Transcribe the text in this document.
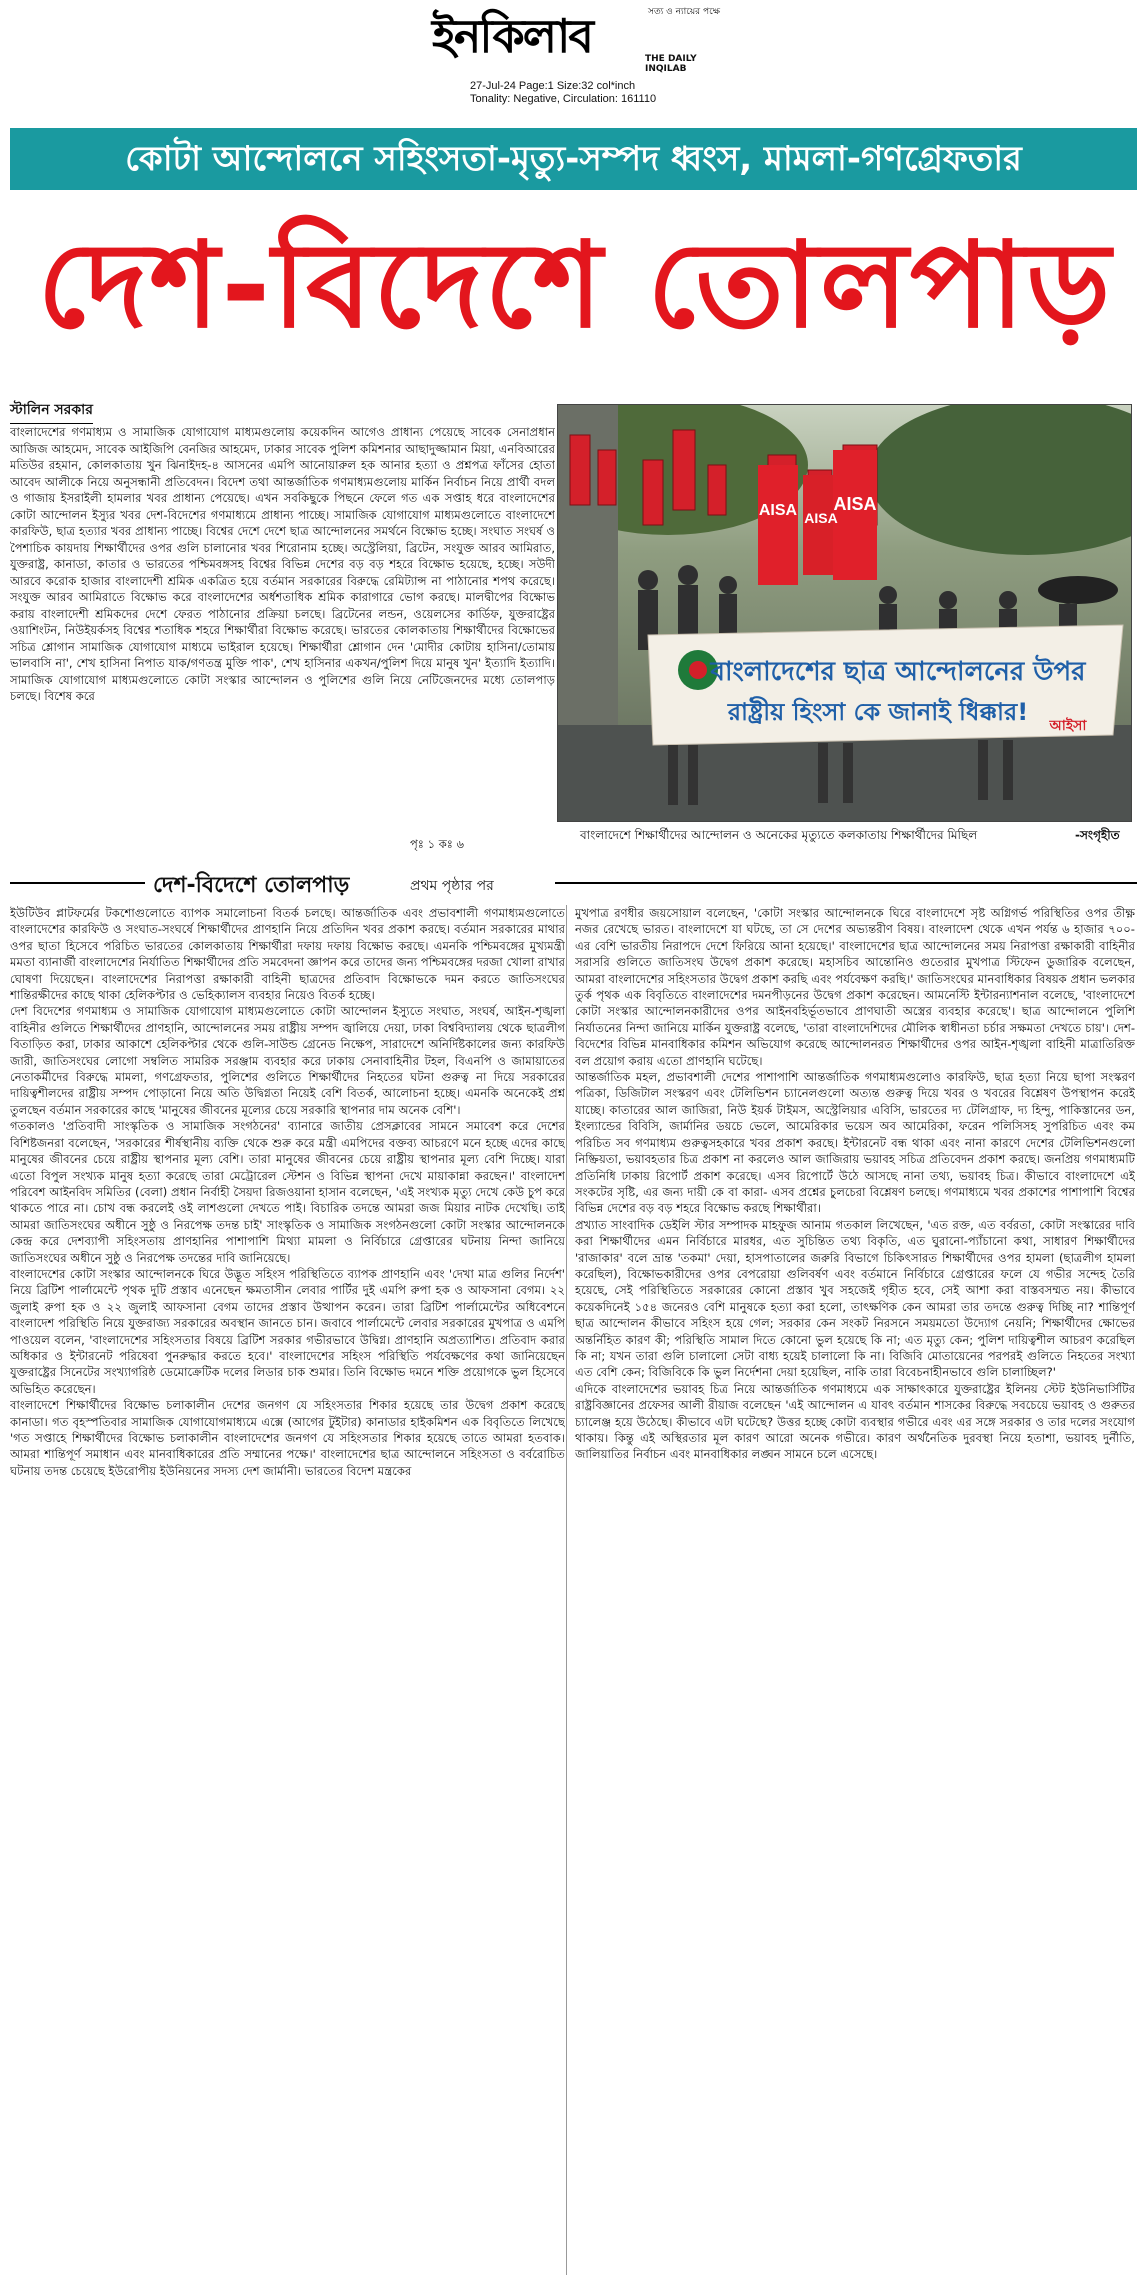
ইনকিলাব	সত্য ও ন্যায়ের পক্ষে
THE DAILY INQILAB
27-Jul-24 Page:1 Size:32 col*inch
Tonality: Negative, Circulation: 161110
কোটা আন্দোলনে সহিংসতা-মৃত্যু-সম্পদ ধ্বংস, মামলা-গণগ্রেফতার
দেশ-বিদেশে তোলপাড়
স্টালিন সরকার
বাংলাদেশের গণমাধ্যম ও সামাজিক যোগাযোগ মাধ্যমগুলোয় কয়েকদিন আগেও প্রাধান্য পেয়েছে সাবেক সেনাপ্রধান আজিজ আহমেদ, সাবেক আইজিপি বেনজির আহমেদ, ঢাকার সাবেক পুলিশ কমিশনার আছাদুজ্জামান মিয়া, এনবিআরের মতিউর রহমান, কোলকাতায় খুন ঝিনাইদহ-৪ আসনের এমপি আনোয়ারুল হক আনার হত্যা ও প্রশ্নপত্র ফাঁসের হোতা আবেদ আলীকে নিয়ে অনুসন্ধানী প্রতিবেদন। বিদেশ তথা আন্তর্জাতিক গণমাধ্যমগুলোয় মার্কিন নির্বাচন নিয়ে প্রার্থী বদল ও গাজায় ইসরাইলী হামলার খবর প্রাধান্য পেয়েছে। এখন সবকিছুকে পিছনে ফেলে গত এক সপ্তাহ ধরে বাংলাদেশের কোটা আন্দোলন ইস্যুর খবর দেশ-বিদেশের গণমাধ্যমে প্রাধান্য পাচ্ছে। সামাজিক যোগাযোগ মাধ্যমগুলোতে বাংলাদেশে কারফিউ, ছাত্র হত্যার খবর প্রাধান্য পাচ্ছে। বিশ্বের দেশে দেশে ছাত্র আন্দোলনের সমর্থনে বিক্ষোভ হচ্ছে। সংঘাত সংঘর্ষ ও পৈশাচিক কায়দায় শিক্ষার্থীদের ওপর গুলি চালানোর খবর শিরোনাম হচ্ছে। অস্ট্রেলিয়া, ব্রিটেন, সংযুক্ত আরব আমিরাত, যুক্তরাষ্ট্র, কানাডা, কাতার ও ভারতের পশ্চিমবঙ্গসহ বিশ্বের বিভিন্ন দেশের বড় বড় শহরে বিক্ষোভ হয়েছে, হচ্ছে। সউদী আরবে করোক হাজার বাংলাদেশী শ্রমিক একত্রিত হয়ে বর্তমান সরকারের বিরুদ্ধে রেমিট্যান্স না পাঠানোর শপথ করেছে। সংযুক্ত আরব আমিরাতে বিক্ষোভ করে বাংলাদেশের অর্ধশতাধিক শ্রমিক কারাগারে ভোগ করছে। মালদ্বীপের বিক্ষোভ করায় বাংলাদেশী শ্রমিকদের দেশে ফেরত পাঠানোর প্রক্রিয়া চলছে। ব্রিটেনের লন্ডন, ওয়েলসের কার্ডিফ, যুক্তরাষ্ট্রের ওয়াশিংটন, নিউইয়র্কসহ বিশ্বের শতাধিক শহরে শিক্ষার্থীরা বিক্ষোভ করেছে। ভারতের কোলকাতায় শিক্ষার্থীদের বিক্ষোভের সচিত্র শ্লোগান সামাজিক যোগাযোগ মাধ্যমে ভাইরাল হয়েছে। শিক্ষার্থীরা শ্লোগান দেন 'মোদীর কোটায় হাসিনা/তোমায় ভালবাসি না', শেখ হাসিনা নিপাত যাক/গণতন্ত্র মুক্তি পাক', শেখ হাসিনার একখন/পুলিশ দিয়ে মানুষ খুন' ইত্যাদি ইত্যাদি। সামাজিক যোগাযোগ মাধ্যমগুলোতে কোটা সংস্কার আন্দোলন ও পুলিশের গুলি নিয়ে নেটিজেনদের মধ্যে তোলপাড় চলছে। বিশেষ করে
পৃঃ ১ কঃ ৬
AISA AISA
AISA
বাংলাদেশের ছাত্র আন্দোলনের উপর
রাষ্ট্রীয় হিংসা কে জানাই ধিক্কার! আইসা
বাংলাদেশে শিক্ষার্থীদের আন্দোলন ও অনেকের মৃত্যুতে কলকাতায় শিক্ষার্থীদের মিছিল	-সংগৃহীত
দেশ-বিদেশে তোলপাড়	প্রথম পৃষ্ঠার পর

ইউটিউব প্লাটফর্মের টকশোগুলোতে ব্যাপক সমালোচনা বিতর্ক চলছে। আন্তর্জাতিক এবং প্রভাবশালী গণমাধ্যমগুলোতে বাংলাদেশের কারফিউ ও সংঘাত-সংঘর্ষে শিক্ষার্থীদের প্রাণহানি নিয়ে প্রতিদিন খবর প্রকাশ করছে। বর্তমান সরকারের মাথার ওপর ছাতা হিসেবে পরিচিত ভারতের কোলকাতায় শিক্ষার্থীরা দফায় দফায় বিক্ষোভ করছে। এমনকি পশ্চিমবঙ্গের মুখ্যমন্ত্রী মমতা ব্যানার্জী বাংলাদেশের নির্যাতিত শিক্ষার্থীদের প্রতি সমবেদনা জ্ঞাপন করে তাদের জন্য পশ্চিমবঙ্গের দরজা খোলা রাখার ঘোষণা দিয়েছেন। বাংলাদেশের নিরাপত্তা রক্ষাকারী বাহিনী ছাত্রদের প্রতিবাদ বিক্ষোভকে দমন করতে জাতিসংঘের শান্তিরক্ষীদের কাছে থাকা হেলিকপ্টার ও ভেহিক্যালস ব্যবহার নিয়েও বিতর্ক হচ্ছে।

দেশ বিদেশের গণমাধ্যম ও সামাজিক যোগাযোগ মাধ্যমগুলোতে কোটা আন্দোলন ইস্যুতে সংঘাত, সংঘর্ষ, আইন-শৃঙ্খলা বাহিনীর গুলিতে শিক্ষার্থীদের প্রাণহানি, আন্দোলনের সময় রাষ্ট্রীয় সম্পদ জ্বালিয়ে দেয়া, ঢাকা বিশ্ববিদ্যালয় থেকে ছাত্রলীগ বিতাড়িত করা, ঢাকার আকাশে হেলিকপ্টার থেকে গুলি-সাউন্ড গ্রেনেড নিক্ষেপ, সারাদেশে অনির্দিষ্টকালের জন্য কারফিউ জারী, জাতিসংঘের লোগো সম্বলিত সামরিক সরঞ্জাম ব্যবহার করে ঢাকায় সেনাবাহিনীর টহল, বিএনপি ও জামায়াতের নেতাকর্মীদের বিরুদ্ধে মামলা, গণগ্রেফতার, পুলিশের গুলিতে শিক্ষার্থীদের নিহতের ঘটনা গুরুত্ব না দিয়ে সরকারের দায়িত্বশীলদের রাষ্ট্রীয় সম্পদ পোড়ানো নিয়ে অতি উদ্বিগ্নতা নিয়েই বেশি বিতর্ক, আলোচনা হচ্ছে। এমনকি অনেকেই প্রশ্ন তুলছেন বর্তমান সরকারের কাছে 'মানুষের জীবনের মূল্যের চেয়ে সরকারি স্থাপনার দাম অনেক বেশি'।

গতকালও 'প্রতিবাদী সাংস্কৃতিক ও সামাজিক সংগঠনের' ব্যানারে জাতীয় প্রেসক্লাবের সামনে সমাবেশ করে দেশের বিশিষ্টজনরা বলেছেন, 'সরকারের শীর্ষস্থানীয় ব্যক্তি থেকে শুরু করে মন্ত্রী এমপিদের বক্তব্য আচরণে মনে হচ্ছে এদের কাছে মানুষের জীবনের চেয়ে রাষ্ট্রীয় স্থাপনার মূল্য বেশি। তারা মানুষের জীবনের চেয়ে রাষ্ট্রীয় স্থাপনার মূল্য বেশি দিচ্ছে। যারা এতো বিপুল সংখ্যক মানুষ হত্যা করেছে তারা মেট্রোরেল স্টেশন ও বিভিন্ন স্থাপনা দেখে মায়াকান্না করছেন।' বাংলাদেশ পরিবেশ আইনবিদ সমিতির (বেলা) প্রধান নির্বাহী সৈয়দা রিজওয়ানা হাসান বলেছেন, 'এই সংখ্যক মৃত্যু দেখে কেউ চুপ করে থাকতে পারে না। চোখ বন্ধ করলেই ওই লাশগুলো দেখতে পাই। বিচারিক তদন্তে আমরা জজ মিয়ার নাটক দেখেছি। তাই আমরা জাতিসংঘের অধীনে সুষ্ঠু ও নিরপেক্ষ তদন্ত চাই' সাংস্কৃতিক ও সামাজিক সংগঠনগুলো কোটা সংস্কার আন্দোলনকে কেন্দ্র করে দেশব্যাপী সহিংসতায় প্রাণহানির পাশাপাশি মিথ্যা মামলা ও নির্বিচারে গ্রেপ্তারের ঘটনায় নিন্দা জানিয়ে জাতিসংঘের অধীনে সুষ্ঠু ও নিরপেক্ষ তদন্তের দাবি জানিয়েছে।

বাংলাদেশের কোটা সংস্কার আন্দোলনকে ঘিরে উদ্ভূত সহিংস পরিস্থিতিতে ব্যাপক প্রাণহানি এবং 'দেখা মাত্র গুলির নির্দেশ' নিয়ে ব্রিটিশ পার্লামেন্টে পৃথক দুটি প্রস্তাব এনেছেন ক্ষমতাসীন লেবার পার্টির দুই এমপি রুপা হক ও আফসানা বেগম। ২২ জুলাই রুপা হক ও ২২ জুলাই আফসানা বেগম তাদের প্রস্তাব উত্থাপন করেন। তারা ব্রিটিশ পার্লামেন্টের অধিবেশনে বাংলাদেশ পরিস্থিতি নিয়ে যুক্তরাজ্য সরকারের অবস্থান জানতে চান। জবাবে পার্লামেন্টে লেবার সরকারের মুখপাত্র ও এমপি পাওয়েল বলেন, 'বাংলাদেশের সহিংসতার বিষয়ে ব্রিটিশ সরকার গভীরভাবে উদ্বিগ্ন। প্রাণহানি অপ্রত্যাশিত। প্রতিবাদ করার অধিকার ও ইন্টারনেট পরিষেবা পুনরুদ্ধার করতে হবে।' বাংলাদেশের সহিংস পরিস্থিতি পর্যবেক্ষণের কথা জানিয়েছেন যুক্তরাষ্ট্রের সিনেটের সংখ্যাগরিষ্ঠ ডেমোক্রেটিক দলের লিডার চাক শুমার। তিনি বিক্ষোভ দমনে শক্তি প্রয়োগকে ভুল হিসেবে অভিহিত করেছেন।

বাংলাদেশে শিক্ষার্থীদের বিক্ষোভ চলাকালীন দেশের জনগণ যে সহিংসতার শিকার হয়েছে তার উদ্বেগ প্রকাশ করেছে কানাডা। গত বৃহস্পতিবার সামাজিক যোগাযোগমাধ্যমে এক্সে (আগের টুইটার) কানাডার হাইকমিশন এক বিবৃতিতে লিখেছে 'গত সপ্তাহে শিক্ষার্থীদের বিক্ষোভ চলাকালীন বাংলাদেশের জনগণ যে সহিংসতার শিকার হয়েছে তাতে আমরা হতবাক। আমরা শান্তিপূর্ণ সমাধান এবং মানবাধিকারের প্রতি সম্মানের পক্ষে।' বাংলাদেশের ছাত্র আন্দোলনে সহিংসতা ও বর্বরোচিত ঘটনায় তদন্ত চেয়েছে ইউরোপীয় ইউনিয়নের সদস্য দেশ জার্মানী। ভারতের বিদেশ মন্ত্রকের

মুখপাত্র রণধীর জয়সোয়াল বলেছেন, 'কোটা সংস্কার আন্দোলনকে ঘিরে বাংলাদেশে সৃষ্ট অগ্নিগর্ভ পরিস্থিতির ওপর তীক্ষ্ণ নজর রেখেছে ভারত। বাংলাদেশে যা ঘটছে, তা সে দেশের অভ্যন্তরীণ বিষয়। বাংলাদেশ থেকে এখন পর্যন্ত ৬ হাজার ৭০০-এর বেশি ভারতীয় নিরাপদে দেশে ফিরিয়ে আনা হয়েছে।' বাংলাদেশের ছাত্র আন্দোলনের সময় নিরাপত্তা রক্ষাকারী বাহিনীর সরাসরি গুলিতে জাতিসংঘ উদ্বেগ প্রকাশ করেছে। মহাসচিব আন্তোনিও গুতেরার মুখপাত্র স্টিফেন ডুজারিক বলেছেন, আমরা বাংলাদেশের সহিংসতার উদ্বেগ প্রকাশ করছি এবং পর্যবেক্ষণ করছি।' জাতিসংঘের মানবাধিকার বিষয়ক প্রধান ভলকার তুর্ক পৃথক এক বিবৃতিতে বাংলাদেশের দমনপীড়নের উদ্বেগ প্রকাশ করেছেন। আমনেস্টি ইন্টারন্যাশনাল বলেছে, 'বাংলাদেশে কোটা সংস্কার আন্দোলনকারীদের ওপর আইনবহির্ভূতভাবে প্রাণঘাতী অস্ত্রের ব্যবহার করেছে'। ছাত্র আন্দোলনে পুলিশি নির্যাতনের নিন্দা জানিয়ে মার্কিন যুক্তরাষ্ট্র বলেছে, 'তারা বাংলাদেশিদের মৌলিক স্বাধীনতা চর্চার সক্ষমতা দেখতে চায়'। দেশ-বিদেশের বিভিন্ন মানবাধিকার কমিশন অভিযোগ করেছে আন্দোলনরত শিক্ষার্থীদের ওপর আইন-শৃঙ্খলা বাহিনী মাত্রাতিরিক্ত বল প্রয়োগ করায় এতো প্রাণহানি ঘটেছে।

আন্তর্জাতিক মহল, প্রভাবশালী দেশের পাশাপাশি আন্তর্জাতিক গণমাধ্যমগুলোও কারফিউ, ছাত্র হত্যা নিয়ে ছাপা সংস্করণ পত্রিকা, ডিজিটাল সংস্করণ এবং টেলিভিশন চ্যানেলগুলো অত্যন্ত গুরুত্ব দিয়ে খবর ও খবরের বিশ্লেষণ উপস্থাপন করেই যাচ্ছে। কাতারের আল জাজিরা, নিউ ইয়র্ক টাইমস, অস্ট্রেলিয়ার এবিসি, ভারতের দ্য টেলিগ্রাফ, দ্য হিন্দু, পাকিস্তানের ডন, ইংল্যান্ডের বিবিসি, জার্মানির ডয়চে ভেলে, আমেরিকার ভয়েস অব আমেরিকা, ফরেন পলিসিসহ সুপরিচিত এবং কম পরিচিত সব গণমাধ্যম গুরুত্বসহকারে খবর প্রকাশ করছে। ইন্টারনেট বন্ধ থাকা এবং নানা কারণে দেশের টেলিভিশনগুলো নিষ্ক্রিয়তা, ভয়াবহতার চিত্র প্রকাশ না করলেও আল জাজিরায় ভয়াবহ সচিত্র প্রতিবেদন প্রকাশ করছে। জনপ্রিয় গণমাধ্যমটি প্রতিনিধি ঢাকায় রিপোর্ট প্রকাশ করেছে। এসব রিপোর্টে উঠে আসছে নানা তথ্য, ভয়াবহ চিত্র। কীভাবে বাংলাদেশে এই সংকটের সৃষ্টি, এর জন্য দায়ী কে বা কারা- এসব প্রশ্নের চুলচেরা বিশ্লেষণ চলছে। গণমাধ্যমে খবর প্রকাশের পাশাপাশি বিশ্বের বিভিন্ন দেশের বড় বড় শহরে বিক্ষোভ করছে শিক্ষার্থীরা।

প্রখ্যাত সাংবাদিক ডেইলি স্টার সম্পাদক মাহফুজ আনাম গতকাল লিখেছেন, 'এত রক্ত, এত বর্বরতা, কোটা সংস্কারের দাবি করা শিক্ষার্থীদের এমন নির্বিচারে মারধর, এত সুচিন্তিত তথ্য বিকৃতি, এত ঘুরানো-প্যাঁচানো কথা, সাধারণ শিক্ষার্থীদের 'রাজাকার' বলে ভ্রান্ত 'তকমা' দেয়া, হাসপাতালের জরুরি বিভাগে চিকিৎসারত শিক্ষার্থীদের ওপর হামলা (ছাত্রলীগ হামলা করেছিল), বিক্ষোভকারীদের ওপর বেপরোয়া গুলিবর্ষণ এবং বর্তমানে নির্বিচারে গ্রেপ্তারের ফলে যে গভীর সন্দেহ তৈরি হয়েছে, সেই পরিস্থিতিতে সরকারের কোনো প্রস্তাব খুব সহজেই গৃহীত হবে, সেই আশা করা বাস্তবসম্মত নয়। কীভাবে কয়েকদিনেই ১৫৪ জনেরও বেশি মানুষকে হত্যা করা হলো, তাৎক্ষণিক কেন আমরা তার তদন্তে গুরুত্ব দিচ্ছি না? শান্তিপূর্ণ ছাত্র আন্দোলন কীভাবে সহিংস হয়ে গেল; সরকার কেন সংকট নিরসনে সময়মতো উদ্যোগ নেয়নি; শিক্ষার্থীদের ক্ষোভের অন্তর্নিহিত কারণ কী; পরিস্থিতি সামাল দিতে কোনো ভুল হয়েছে কি না; এত মৃত্যু কেন; পুলিশ দায়িত্বশীল আচরণ করেছিল কি না; যখন তারা গুলি চালালো সেটা বাধ্য হয়েই চালালো কি না। বিজিবি মোতায়েনের পরপরই গুলিতে নিহতের সংখ্যা এত বেশি কেন; বিজিবিকে কি ভুল নির্দেশনা দেয়া হয়েছিল, নাকি তারা বিবেচনাহীনভাবে গুলি চালাচ্ছিল?'

এদিকে বাংলাদেশের ভয়াবহ চিত্র নিয়ে আন্তর্জাতিক গণমাধ্যমে এক সাক্ষাৎকারে যুক্তরাষ্ট্রের ইলিনয় স্টেট ইউনিভার্সিটির রাষ্ট্রবিজ্ঞানের প্রফেসর আলী রীয়াজ বলেছেন 'এই আন্দোলন এ যাবৎ বর্তমান শাসকের বিরুদ্ধে সবচেয়ে ভয়াবহ ও গুরুতর চ্যালেঞ্জ হয়ে উঠেছে। কীভাবে এটা ঘটেছে? উত্তর হচ্ছে কোটা ব্যবস্থার গভীরে এবং এর সঙ্গে সরকার ও তার দলের সংযোগ থাকায়। কিন্তু এই অস্থিরতার মূল কারণ আরো অনেক গভীরে। কারণ অর্থনৈতিক দুরবস্থা নিয়ে হতাশা, ভয়াবহ দুর্নীতি, জালিয়াতির নির্বাচন এবং মানবাধিকার লঙ্ঘন সামনে চলে এসেছে।
